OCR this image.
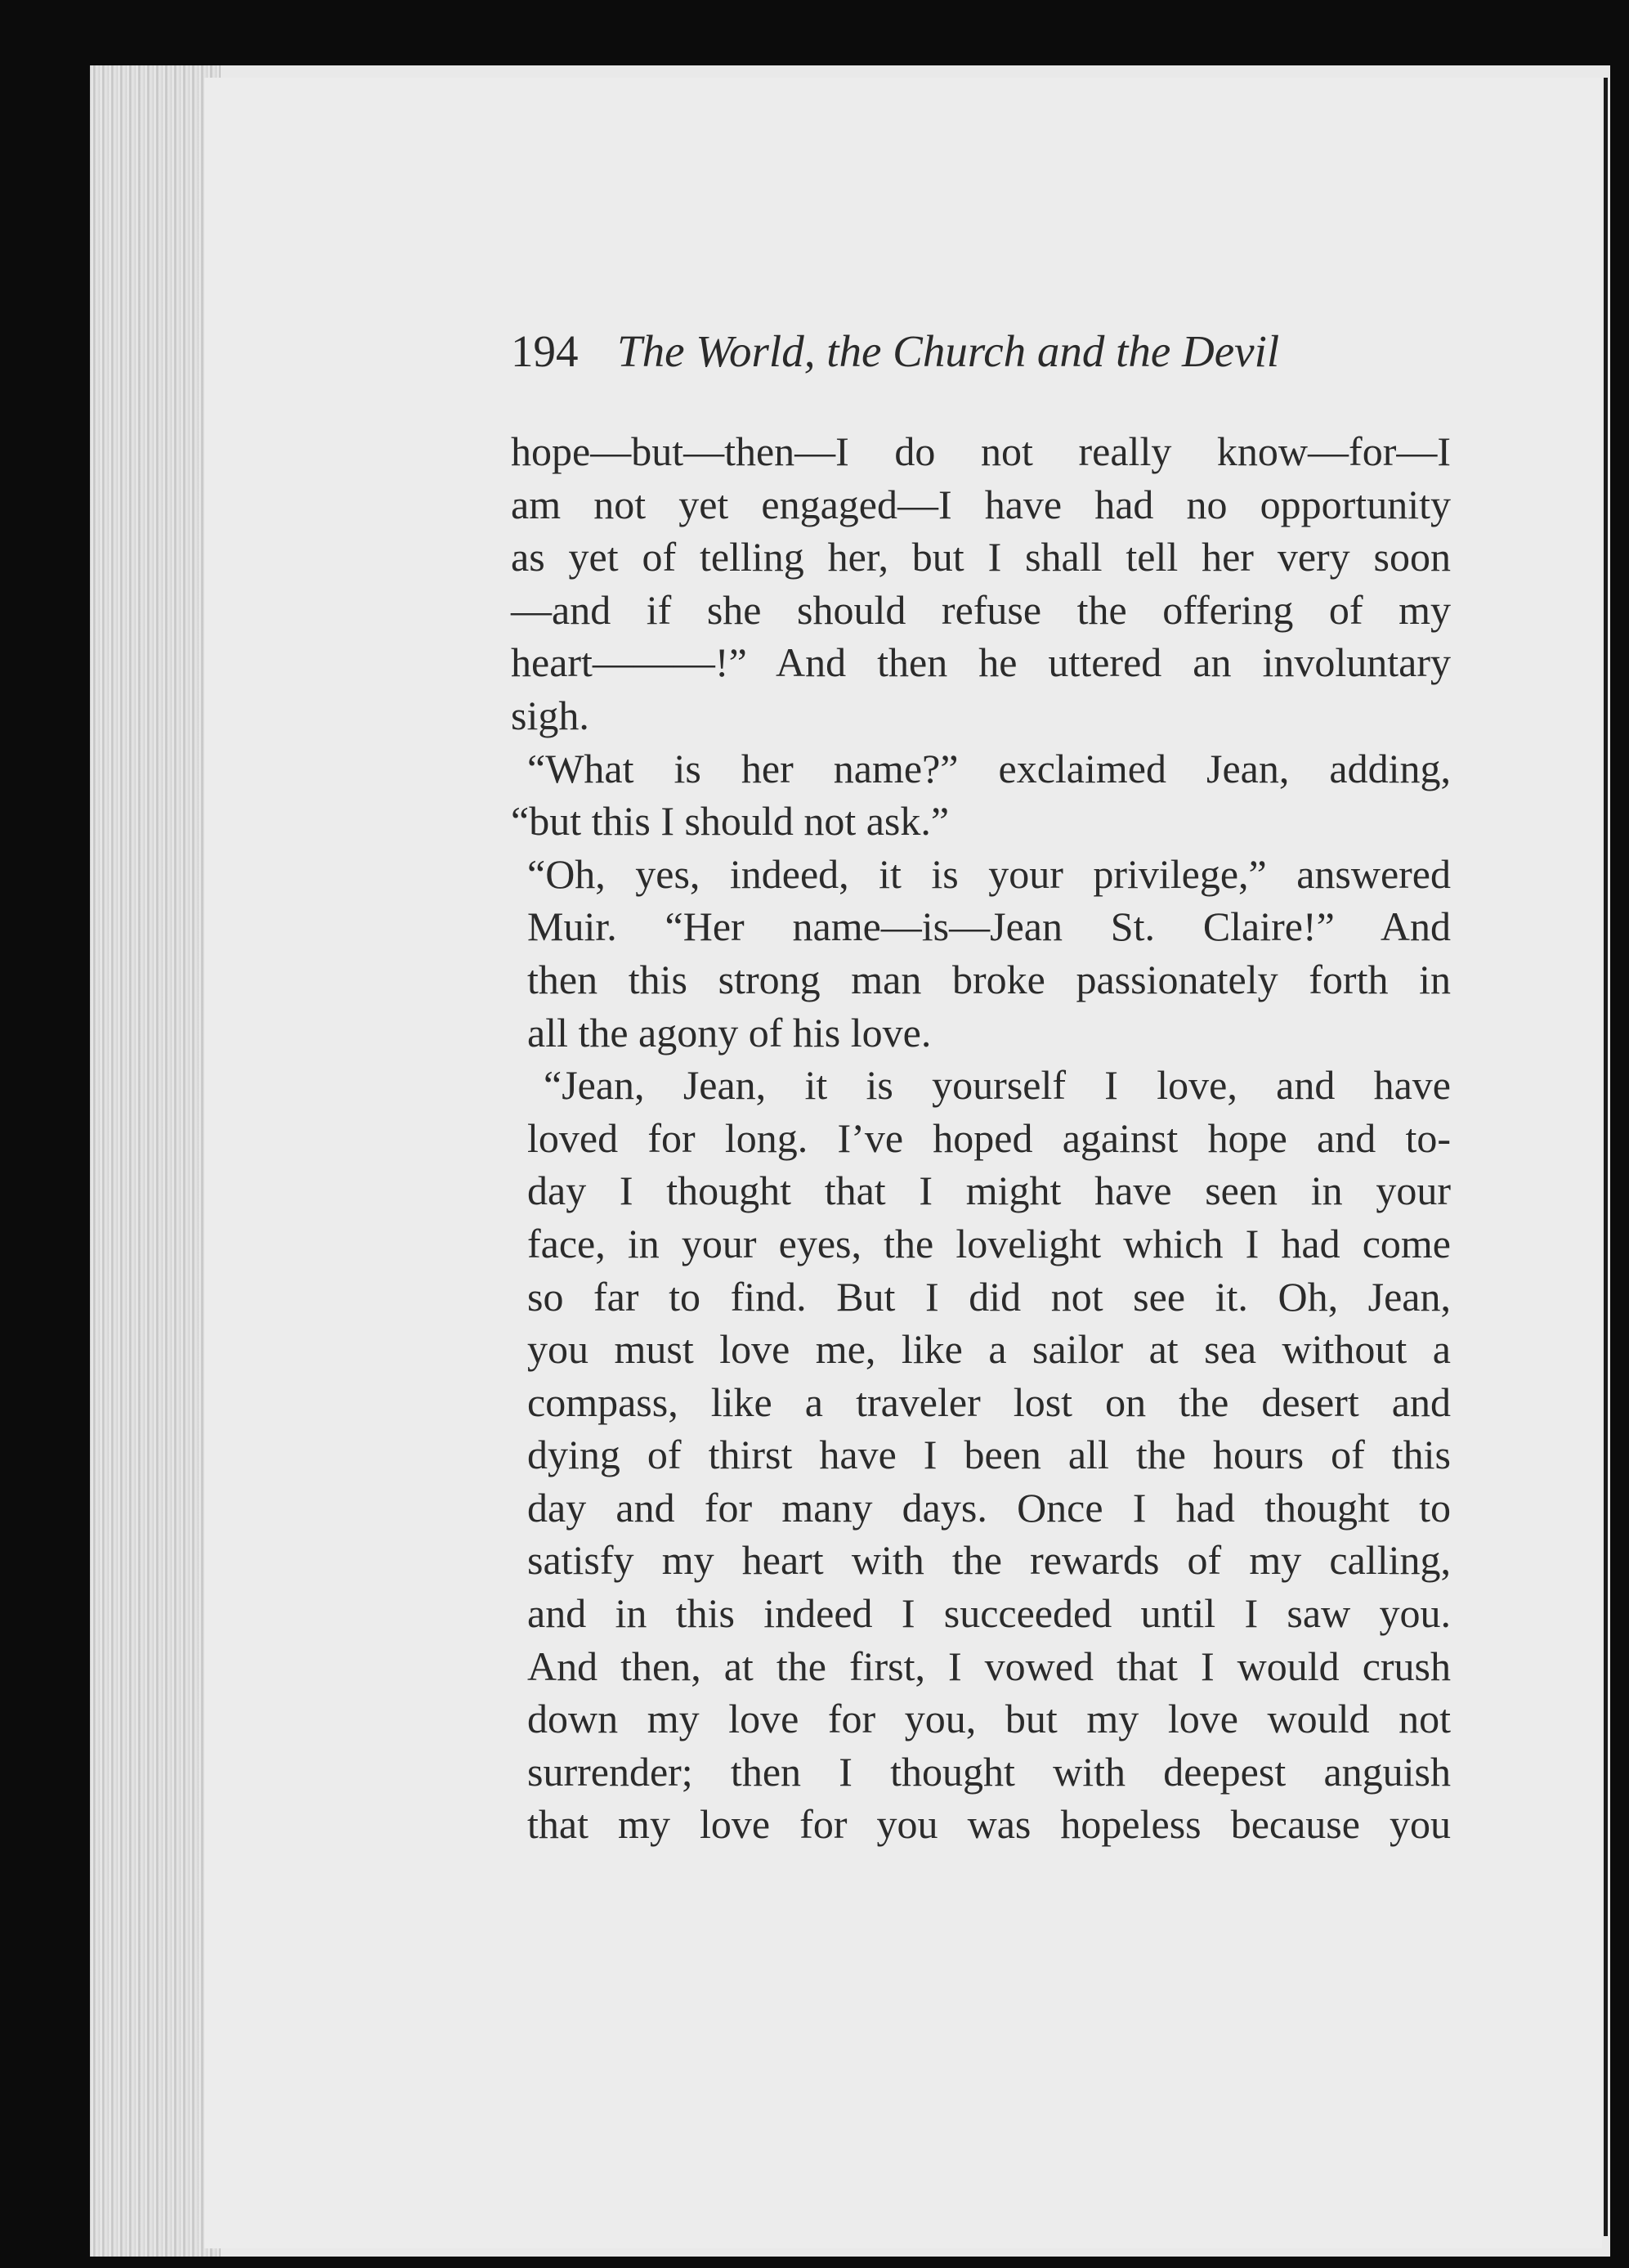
194 The World, the Church and the Devil
hope—but—then—I do not really know—for—I
am not yet engaged—I have had no opportunity
as yet of telling her, but I shall tell her very soon
—and if she should refuse the offering of my
heart———!” And then he uttered an involuntary
sigh.
“What is her name?” exclaimed Jean, adding,
“but this I should not ask.”
“Oh, yes, indeed, it is your privilege,” answered
Muir. “Her name—is—Jean St. Claire!” And
then this strong man broke passionately forth in
all the agony of his love.
“Jean, Jean, it is yourself I love, and have
loved for long. I’ve hoped against hope and to-
day I thought that I might have seen in your
face, in your eyes, the lovelight which I had come
so far to find. But I did not see it. Oh, Jean,
you must love me, like a sailor at sea without a
compass, like a traveler lost on the desert and
dying of thirst have I been all the hours of this
day and for many days. Once I had thought to
satisfy my heart with the rewards of my calling,
and in this indeed I succeeded until I saw you.
And then, at the first, I vowed that I would crush
down my love for you, but my love would not
surrender; then I thought with deepest anguish
that my love for you was hopeless because you
